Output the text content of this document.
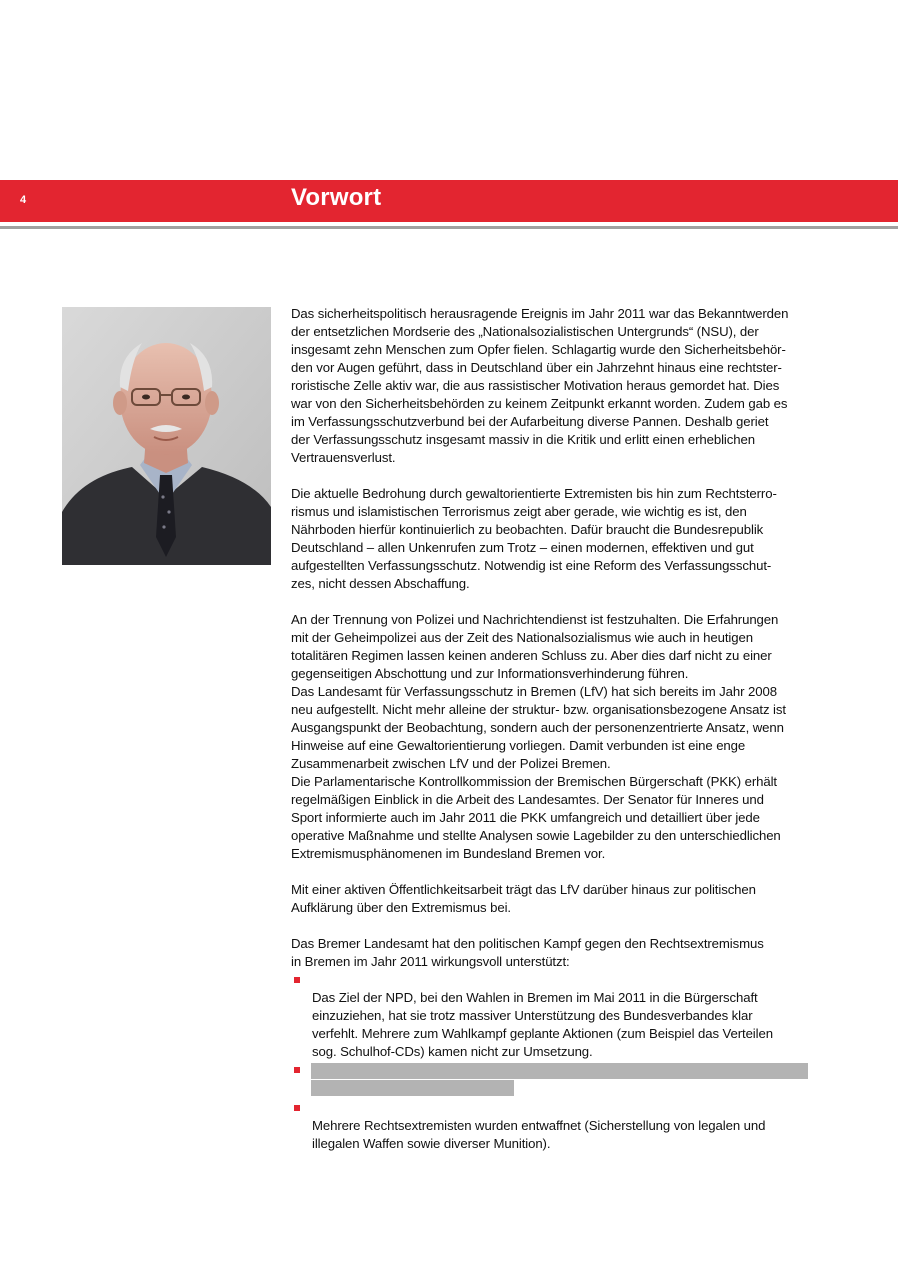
4	Vorwort

Das sicherheitspolitisch herausragende Ereignis im Jahr 2011 war das Bekanntwerden
der entsetzlichen Mordserie des „Nationalsozialistischen Untergrunds“ (NSU), der
insgesamt zehn Menschen zum Opfer fielen. Schlagartig wurde den Sicherheitsbehör-
den vor Augen geführt, dass in Deutschland über ein Jahrzehnt hinaus eine rechtster-
roristische Zelle aktiv war, die aus rassistischer Motivation heraus gemordet hat. Dies
war von den Sicherheitsbehörden zu keinem Zeitpunkt erkannt worden. Zudem gab es
im Verfassungsschutzverbund bei der Aufarbeitung diverse Pannen. Deshalb geriet
der Verfassungsschutz insgesamt massiv in die Kritik und erlitt einen erheblichen
Vertrauensverlust.

Die aktuelle Bedrohung durch gewaltorientierte Extremisten bis hin zum Rechtsterro-
rismus und islamistischen Terrorismus zeigt aber gerade, wie wichtig es ist, den
Nährboden hierfür kontinuierlich zu beobachten. Dafür braucht die Bundesrepublik
Deutschland – allen Unkenrufen zum Trotz – einen modernen, effektiven und gut
aufgestellten Verfassungsschutz. Notwendig ist eine Reform des Verfassungsschut-
zes, nicht dessen Abschaffung.

An der Trennung von Polizei und Nachrichtendienst ist festzuhalten. Die Erfahrungen
mit der Geheimpolizei aus der Zeit des Nationalsozialismus wie auch in heutigen
totalitären Regimen lassen keinen anderen Schluss zu. Aber dies darf nicht zu einer
gegenseitigen Abschottung und zur Informationsverhinderung führen.

Das Landesamt für Verfassungsschutz in Bremen (LfV) hat sich bereits im Jahr 2008
neu aufgestellt. Nicht mehr alleine der struktur- bzw. organisationsbezogene Ansatz ist
Ausgangspunkt der Beobachtung, sondern auch der personenzentrierte Ansatz, wenn
Hinweise auf eine Gewaltorientierung vorliegen. Damit verbunden ist eine enge
Zusammenarbeit zwischen LfV und der Polizei Bremen.

Die Parlamentarische Kontrollkommission der Bremischen Bürgerschaft (PKK) erhält
regelmäßigen Einblick in die Arbeit des Landesamtes. Der Senator für Inneres und
Sport informierte auch im Jahr 2011 die PKK umfangreich und detailliert über jede
operative Maßnahme und stellte Analysen sowie Lagebilder zu den unterschiedlichen
Extremismusphänomenen im Bundesland Bremen vor.

Mit einer aktiven Öffentlichkeitsarbeit trägt das LfV darüber hinaus zur politischen
Aufklärung über den Extremismus bei.

Das Bremer Landesamt hat den politischen Kampf gegen den Rechtsextremismus
in Bremen im Jahr 2011 wirkungsvoll unterstützt:

Das Ziel der NPD, bei den Wahlen in Bremen im Mai 2011 in die Bürgerschaft
einzuziehen, hat sie trotz massiver Unterstützung des Bundesverbandes klar
verfehlt. Mehrere zum Wahlkampf geplante Aktionen (zum Beispiel das Verteilen
sog. Schulhof-CDs) kamen nicht zur Umsetzung.

Mehrere Rechtsextremisten wurden entwaffnet (Sicherstellung von legalen und
illegalen Waffen sowie diverser Munition).
